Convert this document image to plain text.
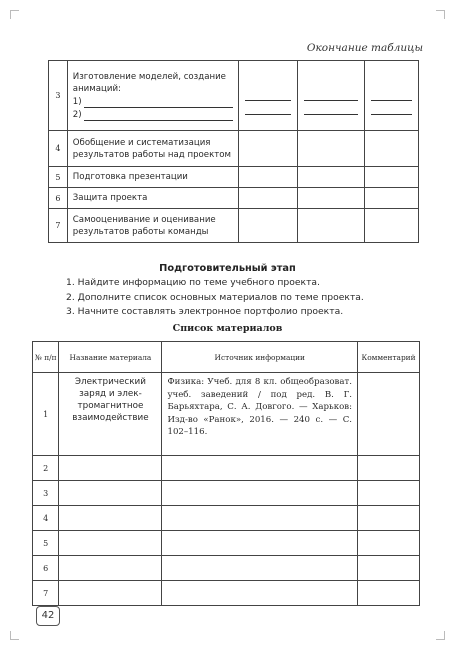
Окончание таблицы
3	Изготовление моделей, создание анимаций:
1)
2)			

4	Обобщение и систематизация результатов работы над проектом			
5	Подготовка презентации			
6	Защита проекта			
7	Самооценивание и оценивание результатов работы команды			
Подготовительный этап
1. Найдите информацию по теме учебного проекта.
2. Дополните список основных материалов по теме проекта.
3. Начните составлять электронное портфолио проекта.
Список материалов
№ п/п	Название материала	Источник информации	Комментарий
1	Электрический заряд и электромагнитное взаимодействие	Физика: Учеб. для 8 кл. общеобразоват. учеб. заведений / под ред. В. Г. Барьяхтара, С. А. Довгого. — Харьков: Изд-во «Ранок», 2016. — 240 с. — С. 102–116.	
2			
3			
4			
5			
6			
7			
42
